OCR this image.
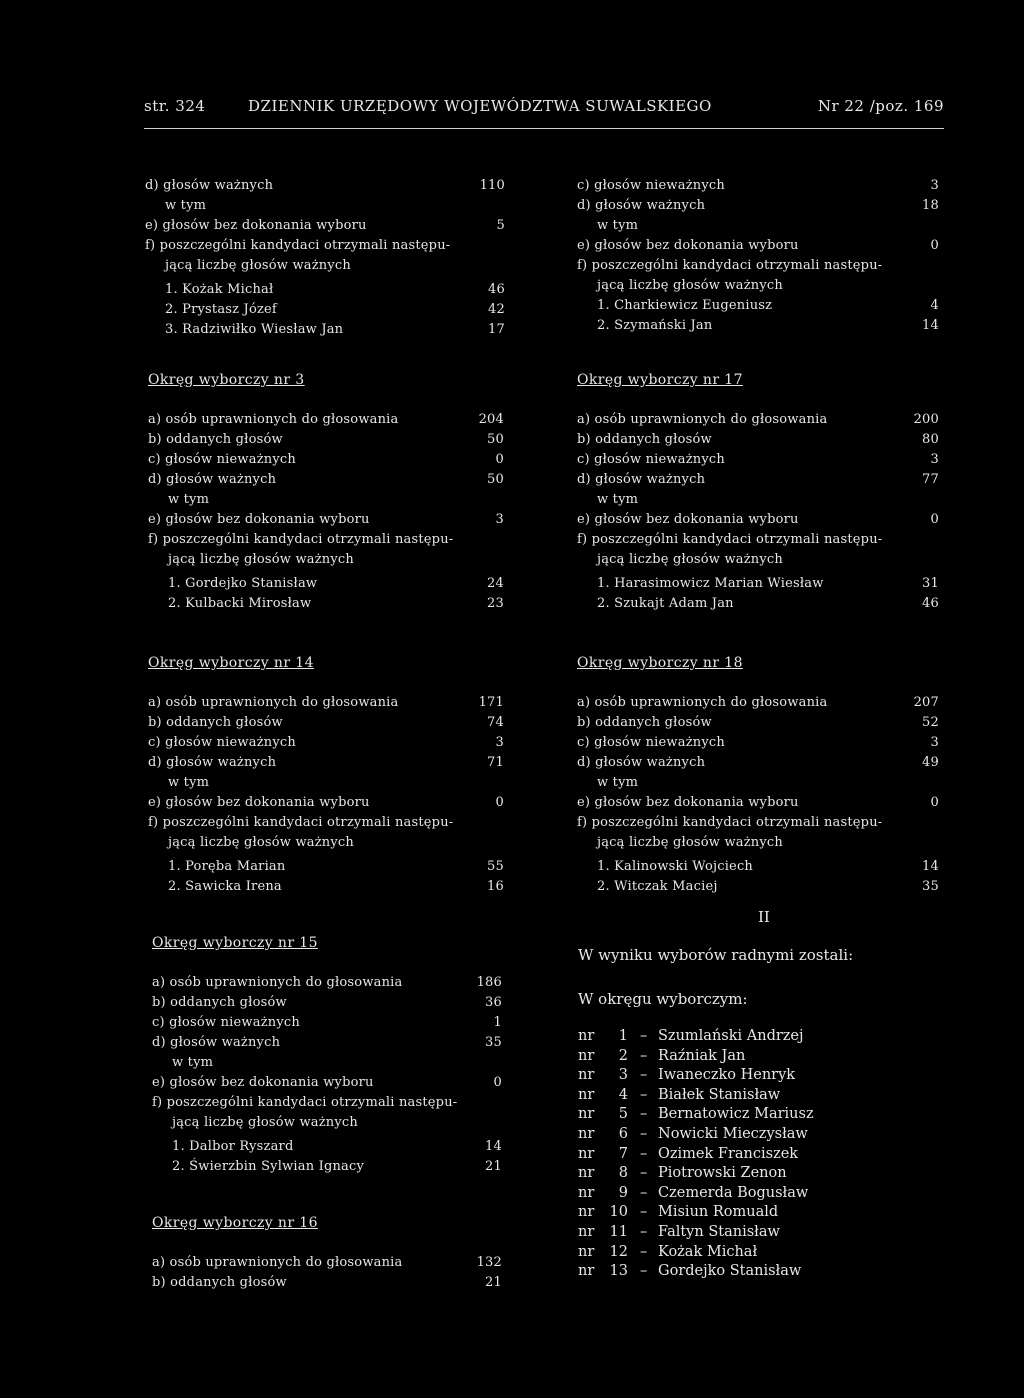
str. 324	DZIENNIK URZĘDOWY WOJEWÓDZTWA SUWALSKIEGO	Nr 22 /poz. 169
d) głosów ważnych	110
w tym
e) głosów bez dokonania wyboru	5
f) poszczególni kandydaci otrzymali następu-
jącą liczbę głosów ważnych
1. Kożak Michał	46
2. Prystasz Józef	42
3. Radziwiłko Wiesław Jan	17
c) głosów nieważnych	3
d) głosów ważnych	18
w tym
e) głosów bez dokonania wyboru	0
f) poszczególni kandydaci otrzymali następu-
jącą liczbę głosów ważnych
1. Charkiewicz Eugeniusz	4
2. Szymański Jan	14
Okręg wyborczy nr 3
a) osób uprawnionych do głosowania	204
b) oddanych głosów	50
c) głosów nieważnych	0
d) głosów ważnych	50
w tym
e) głosów bez dokonania wyboru	3
f) poszczególni kandydaci otrzymali następu-
jącą liczbę głosów ważnych
1. Gordejko Stanisław	24
2. Kulbacki Mirosław	23
Okręg wyborczy nr 17
a) osób uprawnionych do głosowania	200
b) oddanych głosów	80
c) głosów nieważnych	3
d) głosów ważnych	77
w tym
e) głosów bez dokonania wyboru	0
f) poszczególni kandydaci otrzymali następu-
jącą liczbę głosów ważnych
1. Harasimowicz Marian Wiesław	31
2. Szukajt Adam Jan	46
Okręg wyborczy nr 14
a) osób uprawnionych do głosowania	171
b) oddanych głosów	74
c) głosów nieważnych	3
d) głosów ważnych	71
w tym
e) głosów bez dokonania wyboru	0
f) poszczególni kandydaci otrzymali następu-
jącą liczbę głosów ważnych
1. Poręba Marian	55
2. Sawicka Irena	16
Okręg wyborczy nr 18
a) osób uprawnionych do głosowania	207
b) oddanych głosów	52
c) głosów nieważnych	3
d) głosów ważnych	49
w tym
e) głosów bez dokonania wyboru	0
f) poszczególni kandydaci otrzymali następu-
jącą liczbę głosów ważnych
1. Kalinowski Wojciech	14
2. Witczak Maciej	35
Okręg wyborczy nr 15
a) osób uprawnionych do głosowania	186
b) oddanych głosów	36
c) głosów nieważnych	1
d) głosów ważnych	35
w tym
e) głosów bez dokonania wyboru	0
f) poszczególni kandydaci otrzymali następu-
jącą liczbę głosów ważnych
1. Dalbor Ryszard	14
2. Świerzbin Sylwian Ignacy	21
Okręg wyborczy nr 16
a) osób uprawnionych do głosowania	132
b) oddanych głosów	21
II
W wyniku wyborów radnymi zostali:
W okręgu wyborczym:
nr	1 – Szumlański Andrzej
nr	2 – Raźniak Jan
nr	3 – Iwaneczko Henryk
nr	4 – Białek Stanisław
nr	5 – Bernatowicz Mariusz
nr	6 – Nowicki Mieczysław
nr	7 – Ozimek Franciszek
nr	8 – Piotrowski Zenon
nr	9 – Czemerda Bogusław
nr	10 – Misiun Romuald
nr	11 – Faltyn Stanisław
nr	12 – Kożak Michał
nr	13 – Gordejko Stanisław
